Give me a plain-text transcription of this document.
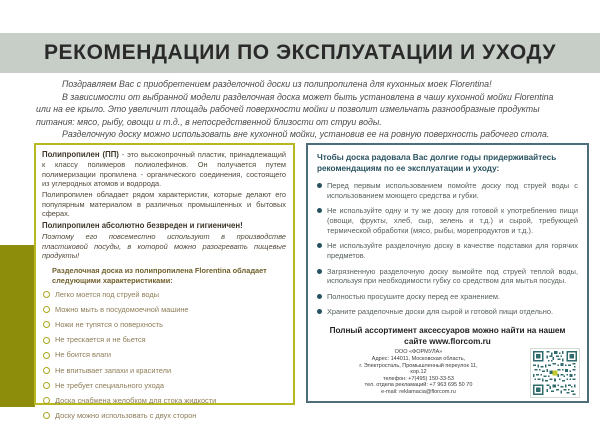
РЕКОМЕНДАЦИИ ПО ЭКСПЛУАТАЦИИ И УХОДУ

Поздравляем Вас с приобретением разделочной доски из полипропилена для кухонных моек Florentina!

В зависимости от выбранной модели разделочная доска может быть установлена в чашу кухонной мойки Florentina или на ее крыло. Это увеличит площадь рабочей поверхности мойки и позволит измельчать разнообразные продукты питания: мясо, рыбу, овощи и т.д., в непосредственной близости от струи воды.

Разделочную доску можно использовать вне кухонной мойки, установив ее на ровную поверхность рабочего стола.

Полипропилен (ПП) - это высокопрочный пластик, принадлежащий к классу полимеров полиолефинов. Он получается путем полимеризации пропилена - органического соединения, состоящего из углеродных атомов и водорода.

Полипропилен обладает рядом характеристик, которые делают его популярным материалом в различных промышленных и бытовых сферах.

Полипропилен абсолютно безвреден и гигиеничен!

Поэтому его повсеместно используют в производстве пластиковой посуды, в которой можно разогревать пищевые продукты!

Разделочная доска из полипропилена Florentina обладает следующими характеристиками:

Легко моется под струей воды
Можно мыть в посудомоечной машине
Ножи не тупятся о поверхность
Не трескается и не бьется
Не боится влаги
Не впитывает запахи и красители
Не требует специального ухода
Доска снабжена желобком для стока жидкости
Доску можно использовать с двух сторон
Чтобы доска радовала Вас долгие годы придерживайтесь рекомендациям по ее эксплуатации и уходу:
Перед первым использованием помойте доску под струей воды с использованием моющего средства и губки.
Не используйте одну и ту же доску для готовой к употреблению пищи (овощи, фрукты, хлеб, сыр, зелень и т.д.) и сырой, требующей термической обработки (мясо, рыбы, морепродуктов и т.д.).
Не используйте разделочную доску в качестве подставки для горячих предметов.
Загрязненную разделочную доску вымойте под струей теплой воды, используя при необходимости губку со средством для мытья посуды.
Полностью просушите доску перед ее хранением.
Храните разделочные доски для сырой и готовой пищи отдельно.
Полный ассортимент аксессуаров можно найти на нашем сайте www.florcom.ru
ООО «ФОРМУЛА»
Адрес: 144011, Московская область,
г. Электросталь, Промышленный переулок 11,
кор.12
телефон: +7(495) 150-33-53
тел. отдела рекламаций: +7 963 695 50 70
e-mail: reklamacia@florcom.ru
